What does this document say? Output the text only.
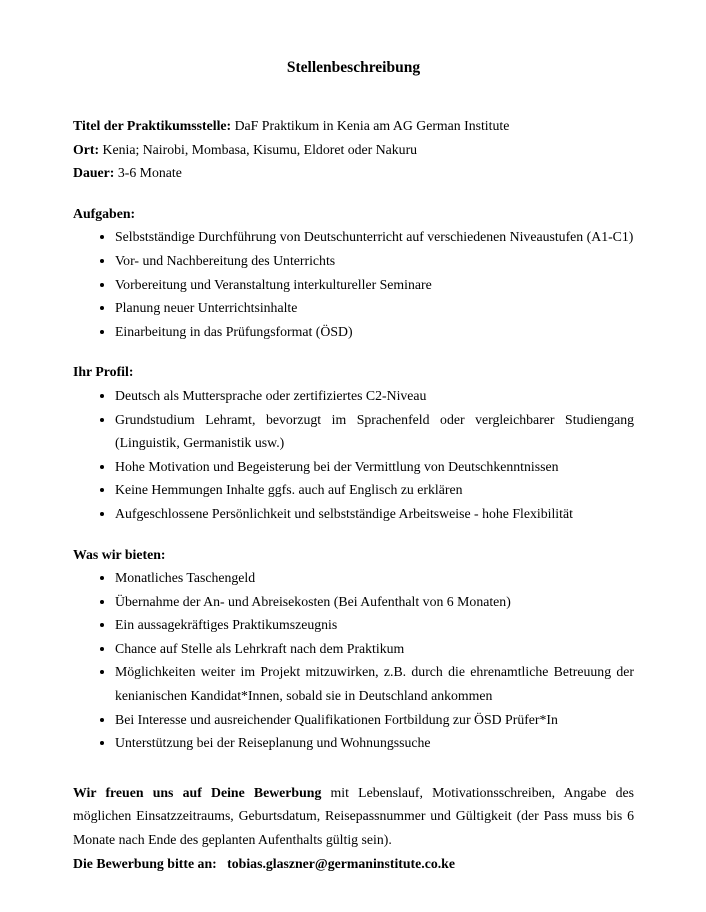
Stellenbeschreibung

Titel der Praktikumsstelle: DaF Praktikum in Kenia am AG German Institute

Ort: Kenia; Nairobi, Mombasa, Kisumu, Eldoret oder Nakuru

Dauer: 3-6 Monate

Aufgaben:

• Selbstständige Durchführung von Deutschunterricht auf verschiedenen Niveaustufen (A1-C1)
• Vor- und Nachbereitung des Unterrichts
• Vorbereitung und Veranstaltung interkultureller Seminare
• Planung neuer Unterrichtsinhalte
• Einarbeitung in das Prüfungsformat (ÖSD)

Ihr Profil:

• Deutsch als Muttersprache oder zertifiziertes C2-Niveau
• Grundstudium Lehramt, bevorzugt im Sprachenfeld oder vergleichbarer Studiengang (Linguistik, Germanistik usw.)
• Hohe Motivation und Begeisterung bei der Vermittlung von Deutschkenntnissen
• Keine Hemmungen Inhalte ggfs. auch auf Englisch zu erklären
• Aufgeschlossene Persönlichkeit und selbstständige Arbeitsweise - hohe Flexibilität

Was wir bieten:

• Monatliches Taschengeld
• Übernahme der An- und Abreisekosten (Bei Aufenthalt von 6 Monaten)
• Ein aussagekräftiges Praktikumszeugnis
• Chance auf Stelle als Lehrkraft nach dem Praktikum
• Möglichkeiten weiter im Projekt mitzuwirken, z.B. durch die ehrenamtliche Betreuung der kenianischen Kandidat*Innen, sobald sie in Deutschland ankommen
• Bei Interesse und ausreichender Qualifikationen Fortbildung zur ÖSD Prüfer*In
• Unterstützung bei der Reiseplanung und Wohnungssuche

Wir freuen uns auf Deine Bewerbung mit Lebenslauf, Motivationsschreiben, Angabe des möglichen Einsatzzeitraums, Geburtsdatum, Reisepassnummer und Gültigkeit (der Pass muss bis 6 Monate nach Ende des geplanten Aufenthalts gültig sein).

Die Bewerbung bitte an: tobias.glaszner@germaninstitute.co.ke
